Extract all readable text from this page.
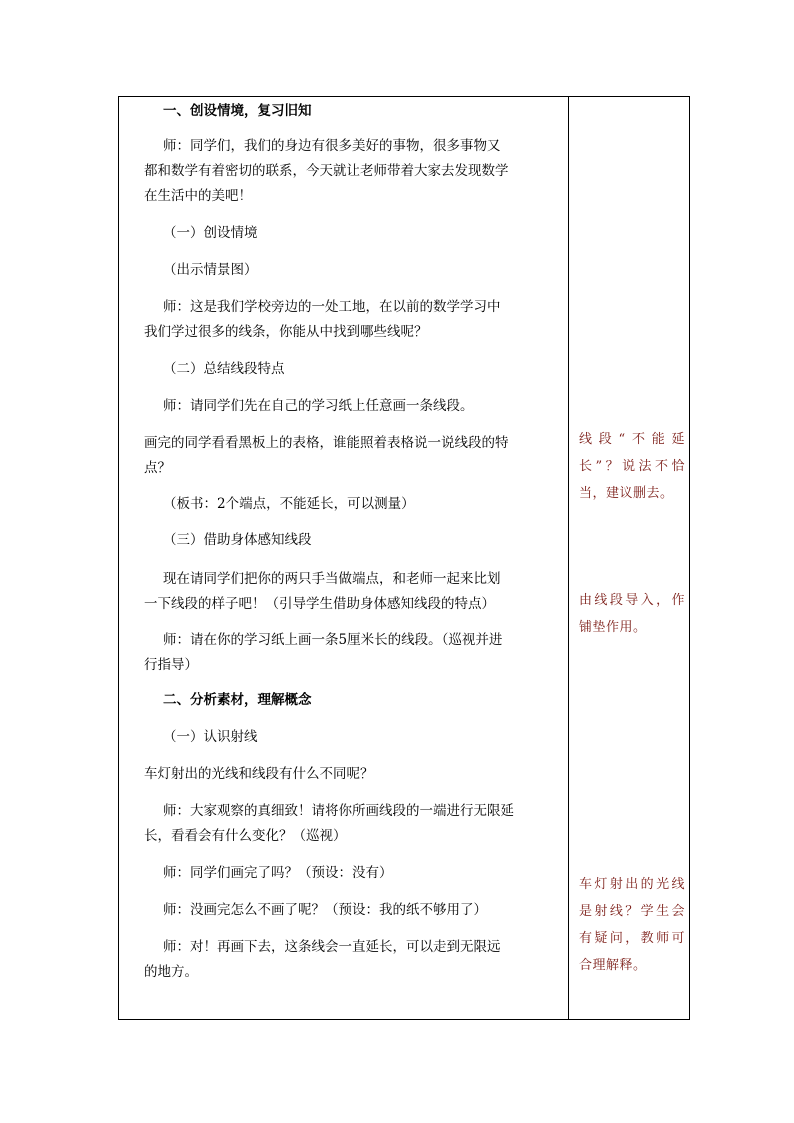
一、创设情境，复习旧知
师：同学们，我们的身边有很多美好的事物，很多事物又
都和数学有着密切的联系，今天就让老师带着大家去发现数学
在生活中的美吧！
（一）创设情境
（出示情景图）
师：这是我们学校旁边的一处工地，在以前的数学学习中
我们学过很多的线条，你能从中找到哪些线呢？
（二）总结线段特点
师：请同学们先在自己的学习纸上任意画一条线段。
画完的同学看看黑板上的表格，谁能照着表格说一说线段的特
点？
（板书：2个端点，不能延长，可以测量）
（三）借助身体感知线段
现在请同学们把你的两只手当做端点，和老师一起来比划
一下线段的样子吧！（引导学生借助身体感知线段的特点）
师：请在你的学习纸上画一条5厘米长的线段。（巡视并进
行指导）
二、分析素材，理解概念
（一）认识射线
车灯射出的光线和线段有什么不同呢？
师：大家观察的真细致！请将你所画线段的一端进行无限延
长，看看会有什么变化？（巡视）
师：同学们画完了吗？（预设：没有）
师：没画完怎么不画了呢？（预设：我的纸不够用了）
师：对！再画下去，这条线会一直延长，可以走到无限远
的地方。
线段“不能延长”？说法不恰当，建议删去。
由线段导入，作铺垫作用。
车灯射出的光线是射线？学生会有疑问，教师可合理解释。
